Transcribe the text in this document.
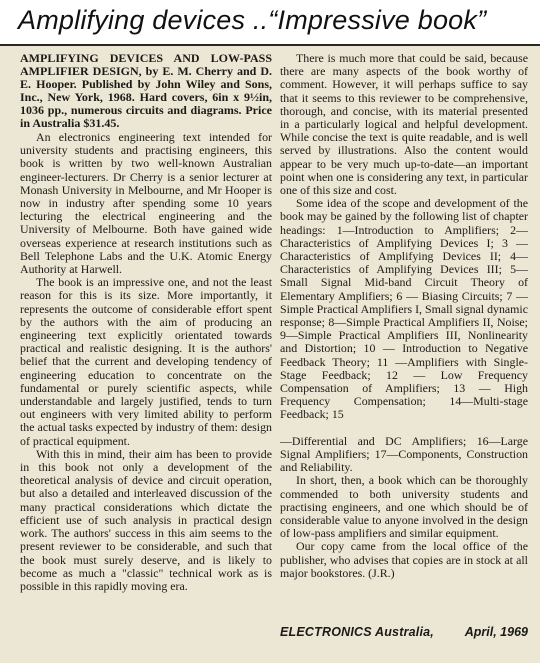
Amplifying devices ..“Impressive book”

AMPLIFYING DEVICES AND LOW-PASS AMPLIFIER DESIGN, by E. M. Cherry and D. E. Hooper. Published by John Wiley and Sons, Inc., New York, 1968. Hard covers, 6in x 9½in, 1036 pp., numerous circuits and diagrams. Price in Australia $31.45.

An electronics engineering text intended for university students and practising engineers, this book is written by two well-known Australian engineer-lecturers. Dr Cherry is a senior lecturer at Monash University in Melbourne, and Mr Hooper is now in industry after spending some 10 years lecturing the electrical engineering and the University of Melbourne. Both have gained wide overseas experience at research institutions such as Bell Telephone Labs and the U.K. Atomic Energy Authority at Harwell.

The book is an impressive one, and not the least reason for this is its size. More importantly, it represents the outcome of considerable effort spent by the authors with the aim of producing an engineering text explicitly orientated towards practical and realistic designing. It is the authors' belief that the current and developing tendency of engineering education to concentrate on the fundamental or purely scientific aspects, while understandable and largely justified, tends to turn out engineers with very limited ability to perform the actual tasks expected by industry of them: design of practical equipment.

With this in mind, their aim has been to provide in this book not only a development of the theoretical analysis of device and circuit operation, but also a detailed and interleaved discussion of the many practical considerations which dictate the efficient use of such analysis in practical design work. The authors' success in this aim seems to the present reviewer to be considerable, and such that the book must surely deserve, and is likely to become as much a "classic" technical work as is possible in this rapidly moving era.

There is much more that could be said, because there are many aspects of the book worthy of comment. However, it will perhaps suffice to say that it seems to this reviewer to be comprehensive, thorough, and concise, with its material presented in a particularly logical and helpful development. While concise the text is quite readable, and is well served by illustrations. Also the content would appear to be very much up-to-date—an important point when one is considering any text, in particular one of this size and cost.

Some idea of the scope and development of the book may be gained by the following list of chapter headings: 1—Introduction to Amplifiers; 2—Characteristics of Amplifying Devices I; 3 — Characteristics of Amplifying Devices II; 4—Characteristics of Amplifying Devices III; 5—Small Signal Mid-band Circuit Theory of Elementary Amplifiers; 6 — Biasing Circuits; 7 — Simple Practical Amplifiers I, Small signal dynamic response; 8—Simple Practical Amplifiers II, Noise; 9—Simple Practical Amplifiers III, Nonlinearity and Distortion; 10 — Introduction to Negative Feedback Theory; 11 —Amplifiers with Single-Stage Feedback; 12 — Low Frequency Compensation of Amplifiers; 13 — High Frequency Compensation; 14—Multi-stage Feedback; 15

—Differential and DC Amplifiers; 16—Large Signal Amplifiers; 17—Components, Construction and Reliability.

In short, then, a book which can be thoroughly commended to both university students and practising engineers, and one which should be of considerable value to anyone involved in the design of low-pass amplifiers and similar equipment.

Our copy came from the local office of the publisher, who advises that copies are in stock at all major bookstores. (J.R.)

ELECTRONICS Australia, April, 1969
